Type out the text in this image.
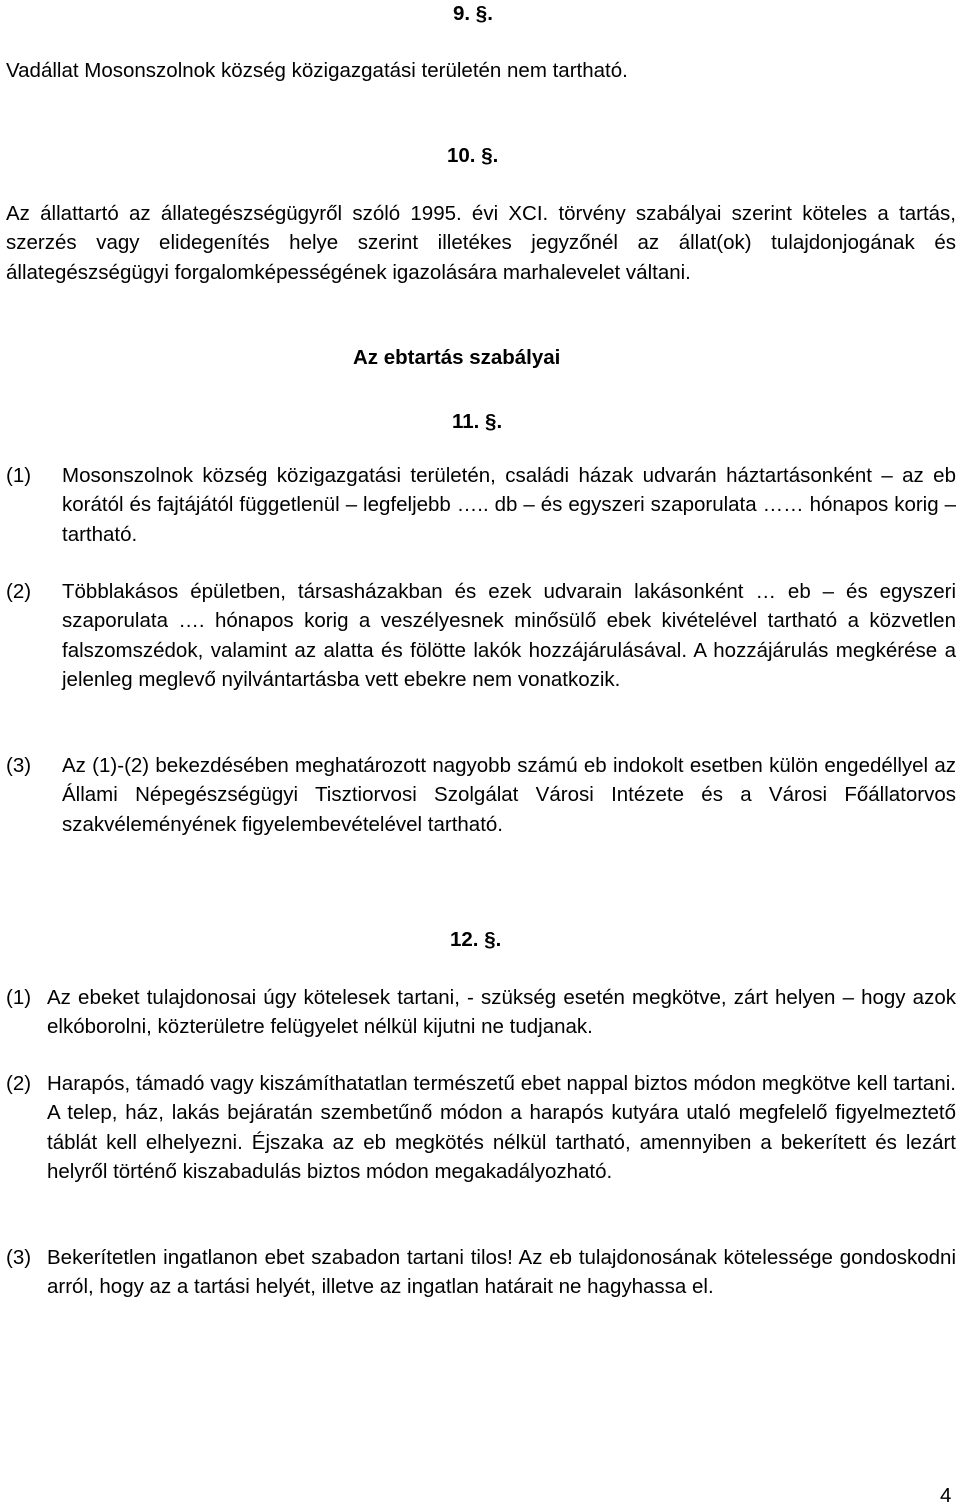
9. §.
Vadállat Mosonszolnok község közigazgatási területén nem tartható.
10. §.
Az állattartó az állategészségügyről szóló 1995. évi XCI. törvény szabályai szerint köteles a tartás, szerzés vagy elidegenítés helye szerint illetékes jegyzőnél az állat(ok) tulajdonjogának és állategészségügyi forgalomképességének igazolására marhalevelet váltani.
Az ebtartás szabályai
11. §.
(1) Mosonszolnok község közigazgatási területén, családi házak udvarán háztartásonként – az eb korától és fajtájától függetlenül – legfeljebb ….. db – és egyszeri szaporulata …… hónapos korig – tartható.
(2) Többlakásos épületben, társasházakban és ezek udvarain lakásonként … eb – és egyszeri szaporulata …. hónapos korig a veszélyesnek minősülő ebek kivételével tartható a közvetlen falszomszédok, valamint az alatta és fölötte lakók hozzájárulásával. A hozzájárulás megkérése a jelenleg meglevő nyilvántartásba vett ebekre nem vonatkozik.
(3) Az (1)-(2) bekezdésében meghatározott nagyobb számú eb indokolt esetben külön engedéllyel az Állami Népegészségügyi Tisztiorvosi Szolgálat Városi Intézete és a Városi Főállatorvos szakvéleményének figyelembevételével tartható.
12. §.
(1) Az ebeket tulajdonosai úgy kötelesek tartani, - szükség esetén megkötve, zárt helyen – hogy azok elkóborolni, közterületre felügyelet nélkül kijutni ne tudjanak.
(2) Harapós, támadó vagy kiszámíthatatlan természetű ebet nappal biztos módon megkötve kell tartani. A telep, ház, lakás bejáratán szembetűnő módon a harapós kutyára utaló megfelelő figyelmeztető táblát kell elhelyezni. Éjszaka az eb megkötés nélkül tartható, amennyiben a bekerített és lezárt helyről történő kiszabadulás biztos módon megakadályozható.
(3) Bekerítetlen ingatlanon ebet szabadon tartani tilos! Az eb tulajdonosának kötelessége gondoskodni arról, hogy az a tartási helyét, illetve az ingatlan határait ne hagyhassa el.
4
